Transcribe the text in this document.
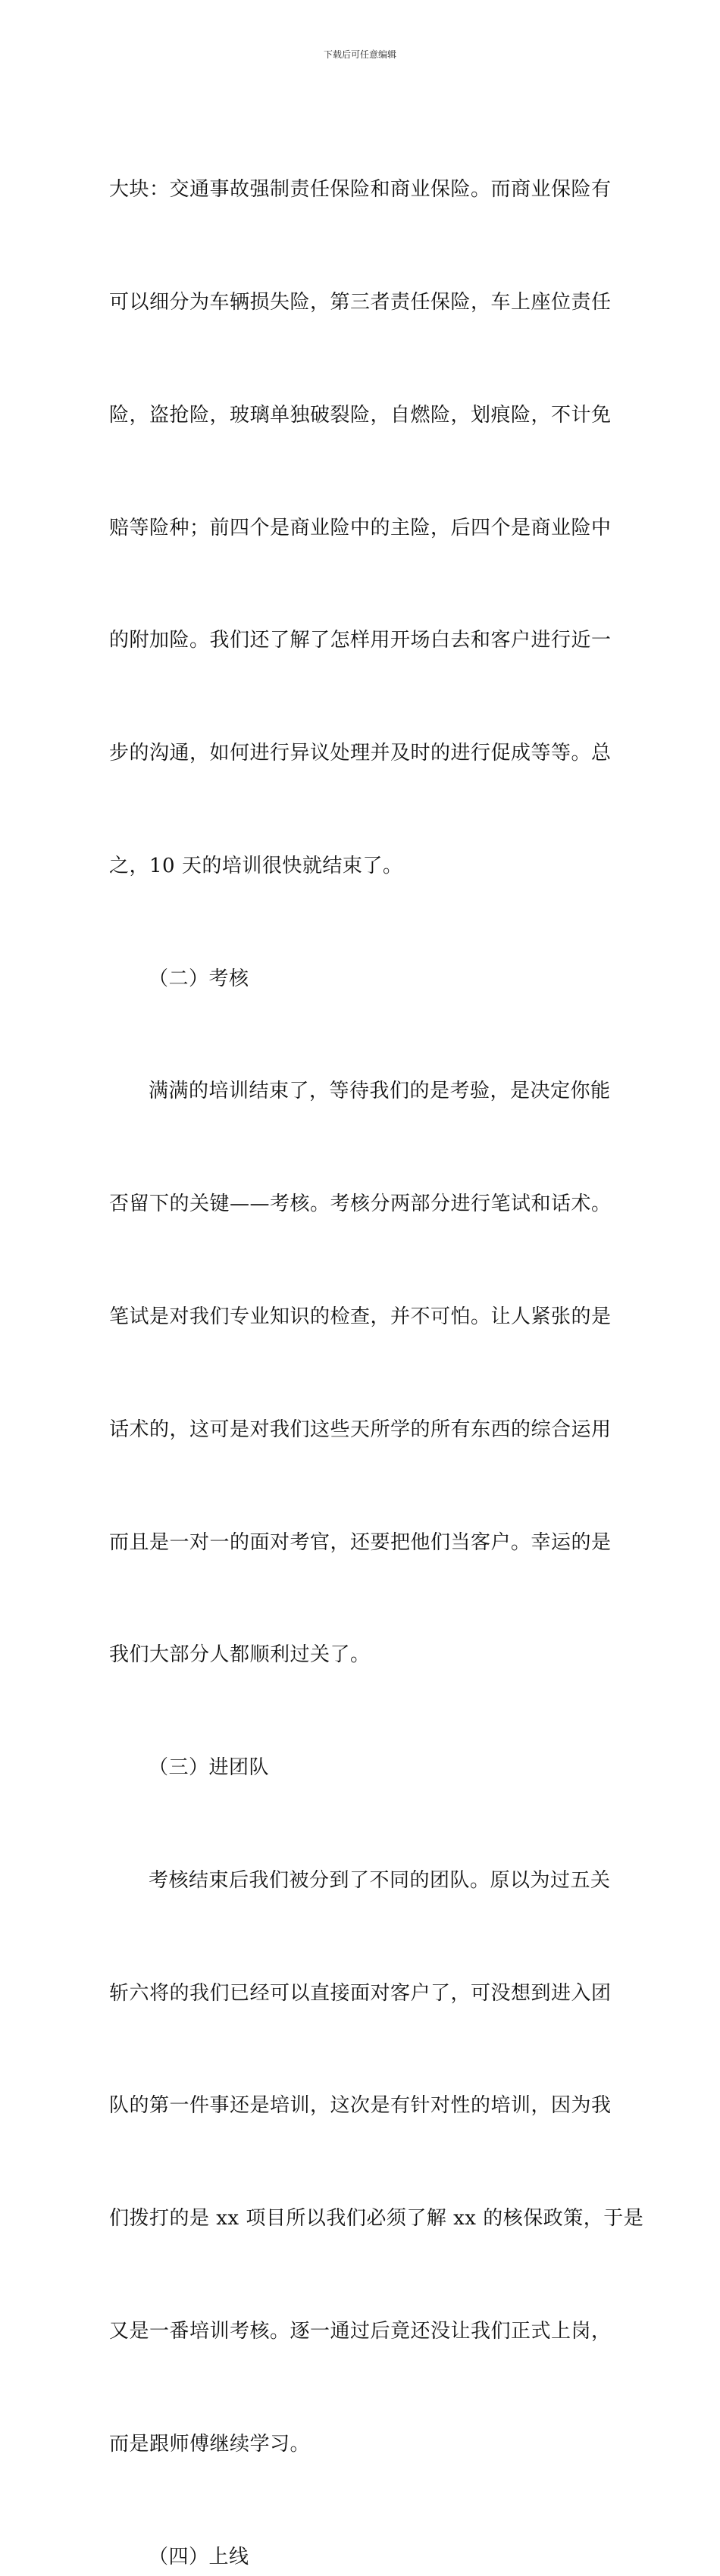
下载后可任意编辑

大块：交通事故强制责任保险和商业保险。而商业保险有

可以细分为车辆损失险，第三者责任保险，车上座位责任

险，盗抢险，玻璃单独破裂险，自燃险，划痕险，不计免

赔等险种；前四个是商业险中的主险，后四个是商业险中

的附加险。我们还了解了怎样用开场白去和客户进行近一

步的沟通，如何进行异议处理并及时的进行促成等等。总

之，10 天的培训很快就结束了。

（二）考核

满满的培训结束了，等待我们的是考验，是决定你能

否留下的关键——考核。考核分两部分进行笔试和话术。

笔试是对我们专业知识的检查，并不可怕。让人紧张的是

话术的，这可是对我们这些天所学的所有东西的综合运用

而且是一对一的面对考官，还要把他们当客户。幸运的是

我们大部分人都顺利过关了。

（三）进团队

考核结束后我们被分到了不同的团队。原以为过五关

斩六将的我们已经可以直接面对客户了，可没想到进入团

队的第一件事还是培训，这次是有针对性的培训，因为我

们拨打的是 xx 项目所以我们必须了解 xx 的核保政策，于是

又是一番培训考核。逐一通过后竟还没让我们正式上岗，

而是跟师傅继续学习。

（四）上线
